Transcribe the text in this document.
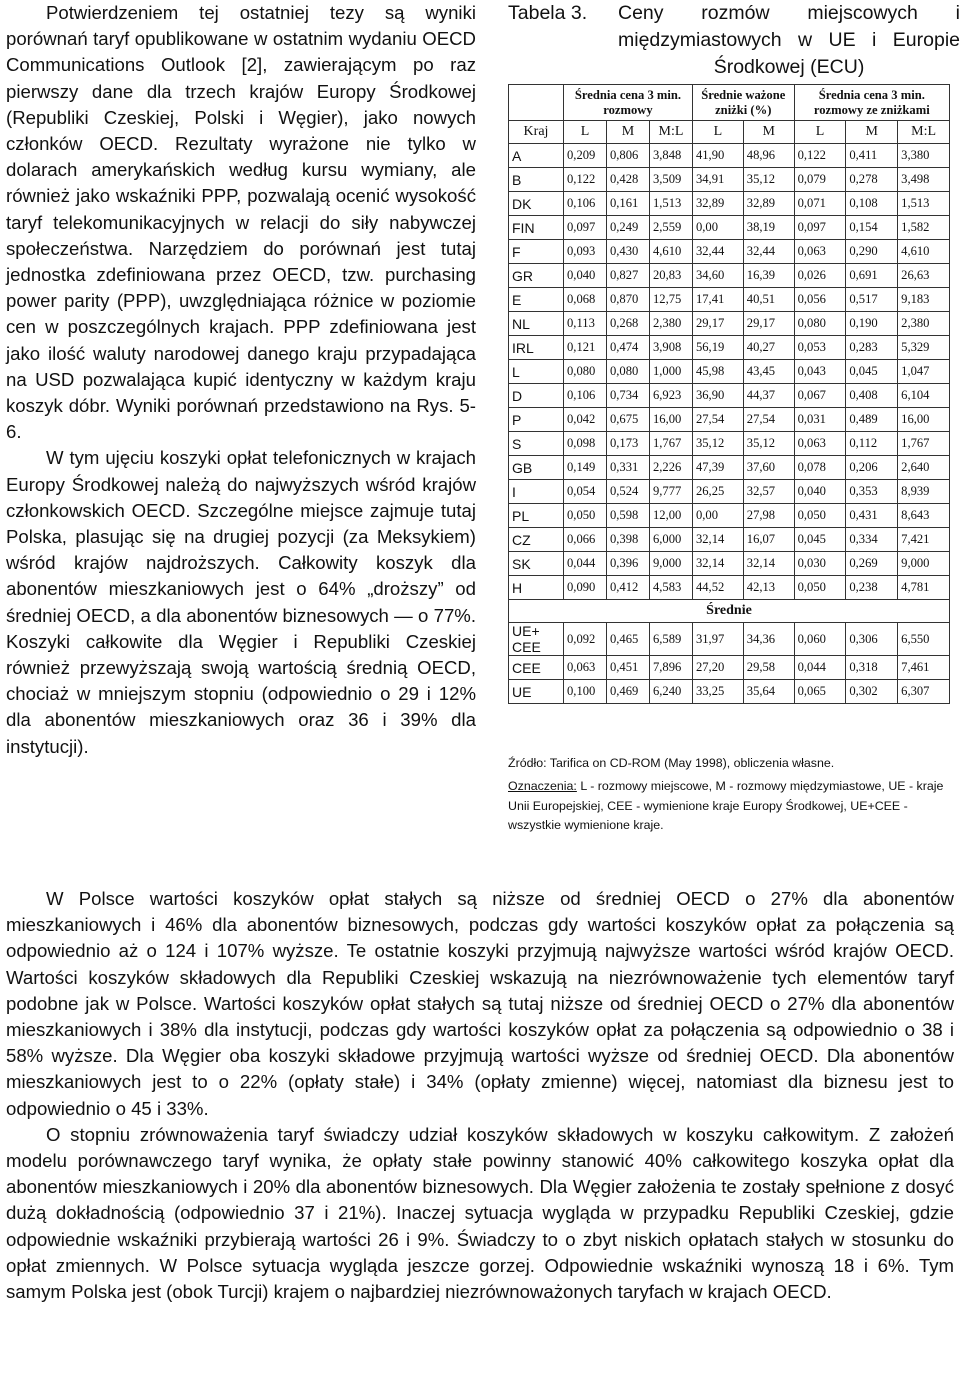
Potwierdzeniem tej ostatniej tezy są wyniki porównań taryf opublikowane w ostatnim wydaniu OECD Communications Outlook [2], zawierającym po raz pierwszy dane dla trzech krajów Europy Środkowej (Republiki Czeskiej, Polski i Węgier), jako nowych członków OECD. Rezultaty wyrażone nie tylko w dolarach amerykańskich według kursu wymiany, ale również jako wskaźniki PPP, pozwalają ocenić wysokość taryf telekomunikacyjnych w relacji do siły nabywczej społeczeństwa. Narzędziem do porównań jest tutaj jednostka zdefiniowana przez OECD, tzw. purchasing power parity (PPP), uwzględniająca różnice w poziomie cen w poszczególnych krajach. PPP zdefiniowana jest jako ilość waluty narodowej danego kraju przypadająca na USD pozwalająca kupić identyczny w każdym kraju koszyk dóbr. Wyniki porównań przedstawiono na Rys. 5-6.

W tym ujęciu koszyki opłat telefonicznych w krajach Europy Środkowej należą do najwyższych wśród krajów członkowskich OECD. Szczególne miejsce zajmuje tutaj Polska, plasując się na drugiej pozycji (za Meksykiem) wśród krajów najdroższych. Całkowity koszyk dla abonentów mieszkaniowych jest o 64% „droższy” od średniej OECD, a dla abonentów biznesowych — o 77%. Koszyki całkowite dla Węgier i Republiki Czeskiej również przewyższają swoją wartością średnią OECD, chociaż w mniejszym stopniu (odpowiednio o 29 i 12% dla abonentów mieszkaniowych oraz 36 i 39% dla instytucji).

Tabela 3.	Ceny rozmów miejscowych i międzymiastowych w UE i Europie Środkowej (ECU)
	Średnia cena 3 min. rozmowy			Średnie ważone zniżki (%)		Średnia cena 3 min. rozmowy ze zniżkami		
Kraj	L	M	M:L	L	M	L	M	M:L
A	0,209	0,806	3,848	41,90	48,96	0,122	0,411	3,380
B	0,122	0,428	3,509	34,91	35,12	0,079	0,278	3,498
DK	0,106	0,161	1,513	32,89	32,89	0,071	0,108	1,513
FIN	0,097	0,249	2,559	0,00	38,19	0,097	0,154	1,582
F	0,093	0,430	4,610	32,44	32,44	0,063	0,290	4,610
GR	0,040	0,827	20,83	34,60	16,39	0,026	0,691	26,63
E	0,068	0,870	12,75	17,41	40,51	0,056	0,517	9,183
NL	0,113	0,268	2,380	29,17	29,17	0,080	0,190	2,380
IRL	0,121	0,474	3,908	56,19	40,27	0,053	0,283	5,329
L	0,080	0,080	1,000	45,98	43,45	0,043	0,045	1,047
D	0,106	0,734	6,923	36,90	44,37	0,067	0,408	6,104
P	0,042	0,675	16,00	27,54	27,54	0,031	0,489	16,00
S	0,098	0,173	1,767	35,12	35,12	0,063	0,112	1,767
GB	0,149	0,331	2,226	47,39	37,60	0,078	0,206	2,640
I	0,054	0,524	9,777	26,25	32,57	0,040	0,353	8,939
PL	0,050	0,598	12,00	0,00	27,98	0,050	0,431	8,643
CZ	0,066	0,398	6,000	32,14	16,07	0,045	0,334	7,421
SK	0,044	0,396	9,000	32,14	32,14	0,030	0,269	9,000
H	0,090	0,412	4,583	44,52	42,13	0,050	0,238	4,781
Średnie								
UE+ CEE	0,092	0,465	6,589	31,97	34,36	0,060	0,306	6,550
CEE	0,063	0,451	7,896	27,20	29,58	0,044	0,318	7,461
UE	0,100	0,469	6,240	33,25	35,64	0,065	0,302	6,307
Źródło: Tarifica on CD-ROM (May 1998), obliczenia własne.
Oznaczenia: L - rozmowy miejscowe, M - rozmowy międzymiastowe, UE - kraje Unii Europejskiej, CEE - wymienione kraje Europy Środkowej, UE+CEE - wszystkie wymienione kraje.

W Polsce wartości koszyków opłat stałych są niższe od średniej OECD o 27% dla abonentów mieszkaniowych i 46% dla abonentów biznesowych, podczas gdy wartości koszyków opłat za połączenia są odpowiednio aż o 124 i 107% wyższe. Te ostatnie koszyki przyjmują najwyższe wartości wśród krajów OECD. Wartości koszyków składowych dla Republiki Czeskiej wskazują na niezrównoważenie tych elementów taryf podobne jak w Polsce. Wartości koszyków opłat stałych są tutaj niższe od średniej OECD o 27% dla abonentów mieszkaniowych i 38% dla instytucji, podczas gdy wartości koszyków opłat za połączenia są odpowiednio o 38 i 58% wyższe. Dla Węgier oba koszyki składowe przyjmują wartości wyższe od średniej OECD. Dla abonentów mieszkaniowych jest to o 22% (opłaty stałe) i 34% (opłaty zmienne) więcej, natomiast dla biznesu jest to odpowiednio o 45 i 33%.

O stopniu zrównoważenia taryf świadczy udział koszyków składowych w koszyku całkowitym. Z założeń modelu porównawczego taryf wynika, że opłaty stałe powinny stanowić 40% całkowitego koszyka opłat dla abonentów mieszkaniowych i 20% dla abonentów biznesowych. Dla Węgier założenia te zostały spełnione z dosyć dużą dokładnością (odpowiednio 37 i 21%). Inaczej sytuacja wygląda w przypadku Republiki Czeskiej, gdzie odpowiednie wskaźniki przybierają wartości 26 i 9%. Świadczy to o zbyt niskich opłatach stałych w stosunku do opłat zmiennych. W Polsce sytuacja wygląda jeszcze gorzej. Odpowiednie wskaźniki wynoszą 18 i 6%. Tym samym Polska jest (obok Turcji) krajem o najbardziej niezrównoważonych taryfach w krajach OECD.
